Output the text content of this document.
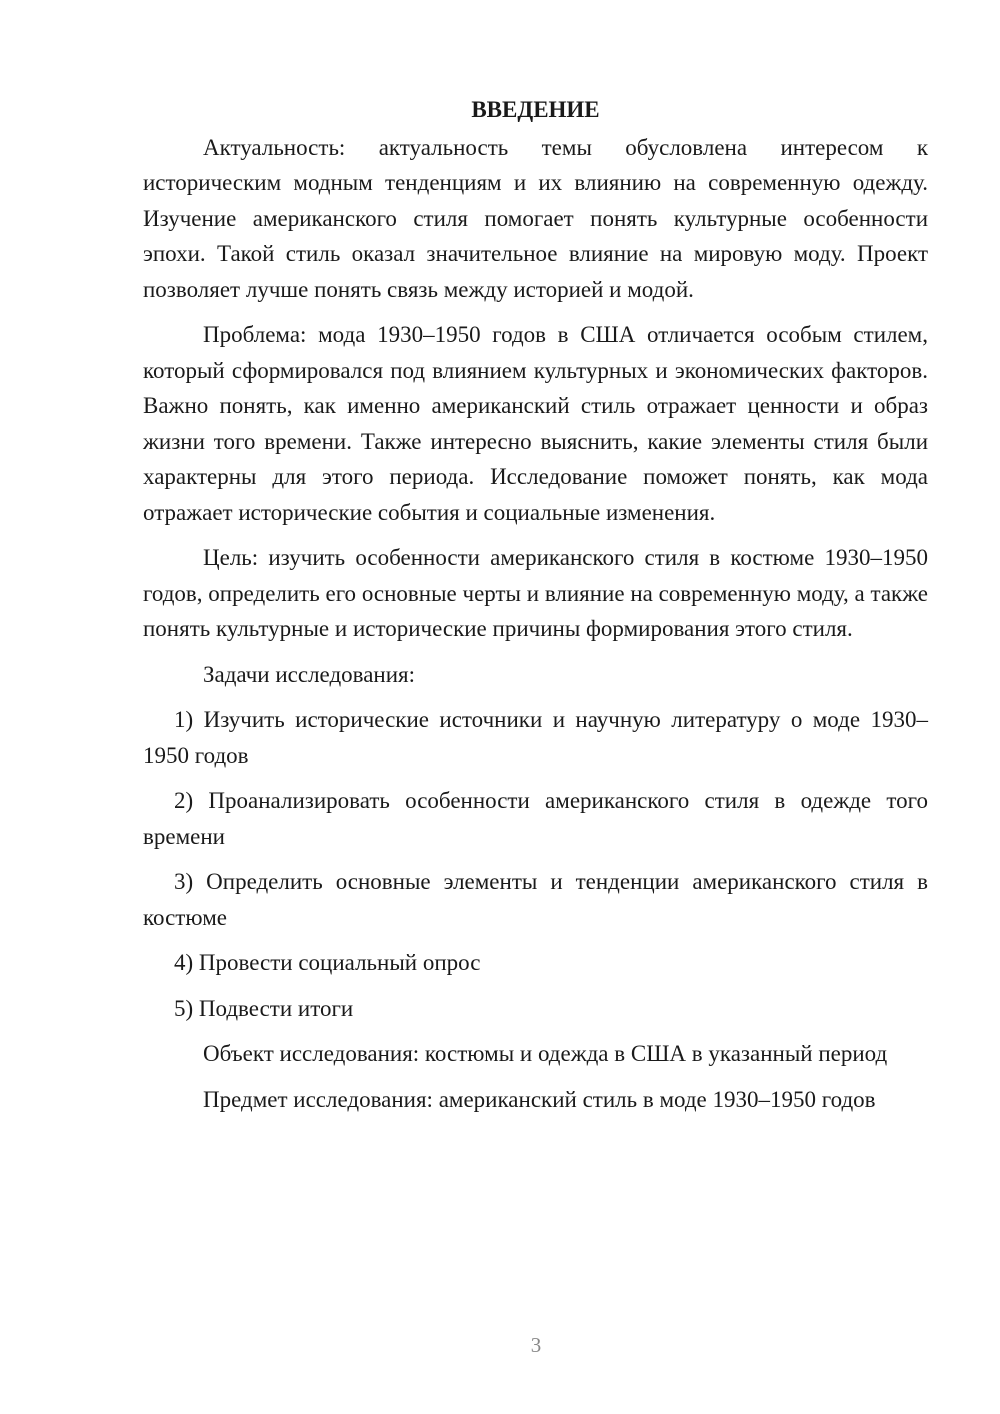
ВВЕДЕНИЕ

Актуальность: актуальность темы обусловлена интересом к историческим модным тенденциям и их влиянию на современную одежду. Изучение американского стиля помогает понять культурные особенности эпохи. Такой стиль оказал значительное влияние на мировую моду. Проект позволяет лучше понять связь между историей и модой.

Проблема: мода 1930–1950 годов в США отличается особым стилем, который сформировался под влиянием культурных и экономических факторов. Важно понять, как именно американский стиль отражает ценности и образ жизни того времени. Также интересно выяснить, какие элементы стиля были характерны для этого периода. Исследование поможет понять, как мода отражает исторические события и социальные изменения.

Цель: изучить особенности американского стиля в костюме 1930–1950 годов, определить его основные черты и влияние на современную моду, а также понять культурные и исторические причины формирования этого стиля.

Задачи исследования:

1) Изучить исторические источники и научную литературу о моде 1930–1950 годов

2) Проанализировать особенности американского стиля в одежде того времени

3) Определить основные элементы и тенденции американского стиля в костюме

4) Провести социальный опрос

5) Подвести итоги

Объект исследования: костюмы и одежда в США в указанный период

Предмет исследования: американский стиль в моде 1930–1950 годов

3
